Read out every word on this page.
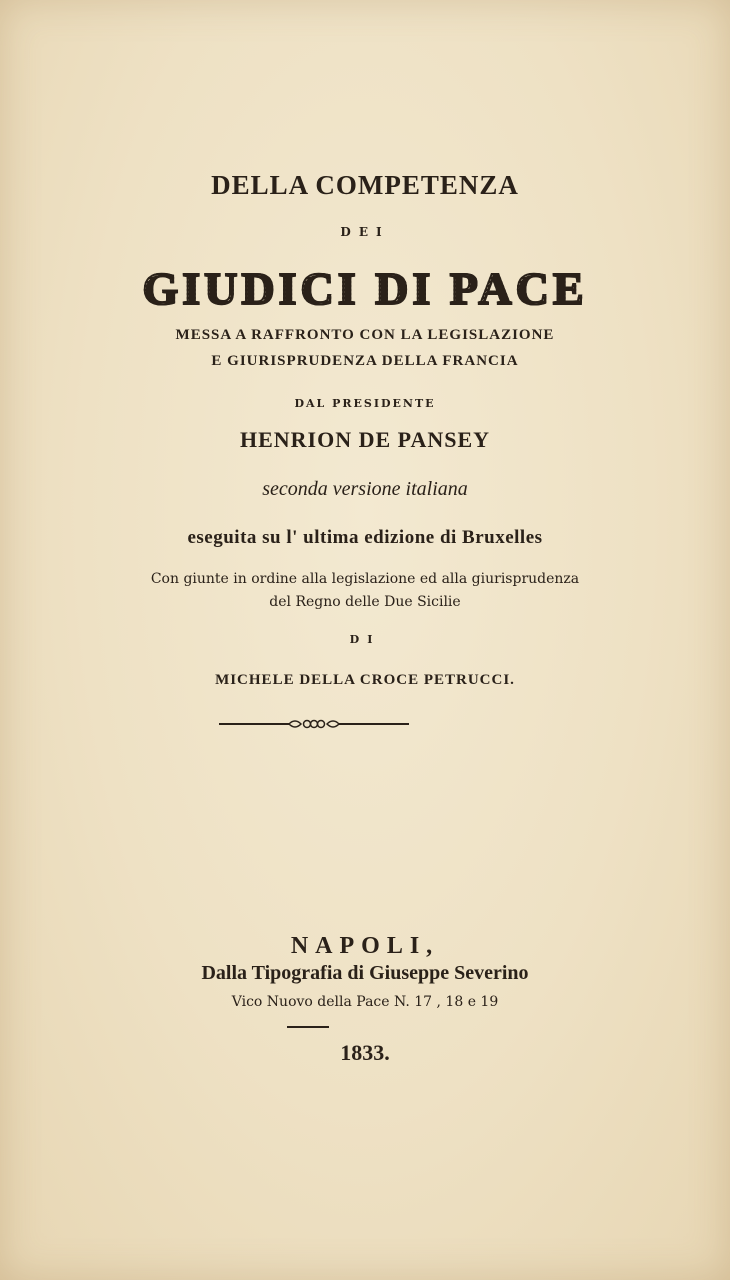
DELLA COMPETENZA
DEI
GIUDICI DI PACE
MESSA A RAFFRONTO CON LA LEGISLAZIONE
E GIURISPRUDENZA DELLA FRANCIA
DAL PRESIDENTE
HENRION DE PANSEY
seconda versione italiana
eseguita su l' ultima edizione di Bruxelles
Con giunte in ordine alla legislazione ed alla giurisprudenza
del Regno delle Due Sicilie
DI
MICHELE DELLA CROCE PETRUCCI.
NAPOLI,
Dalla Tipografia di Giuseppe Severino
Vico Nuovo della Pace N. 17 , 18 e 19
1833.
